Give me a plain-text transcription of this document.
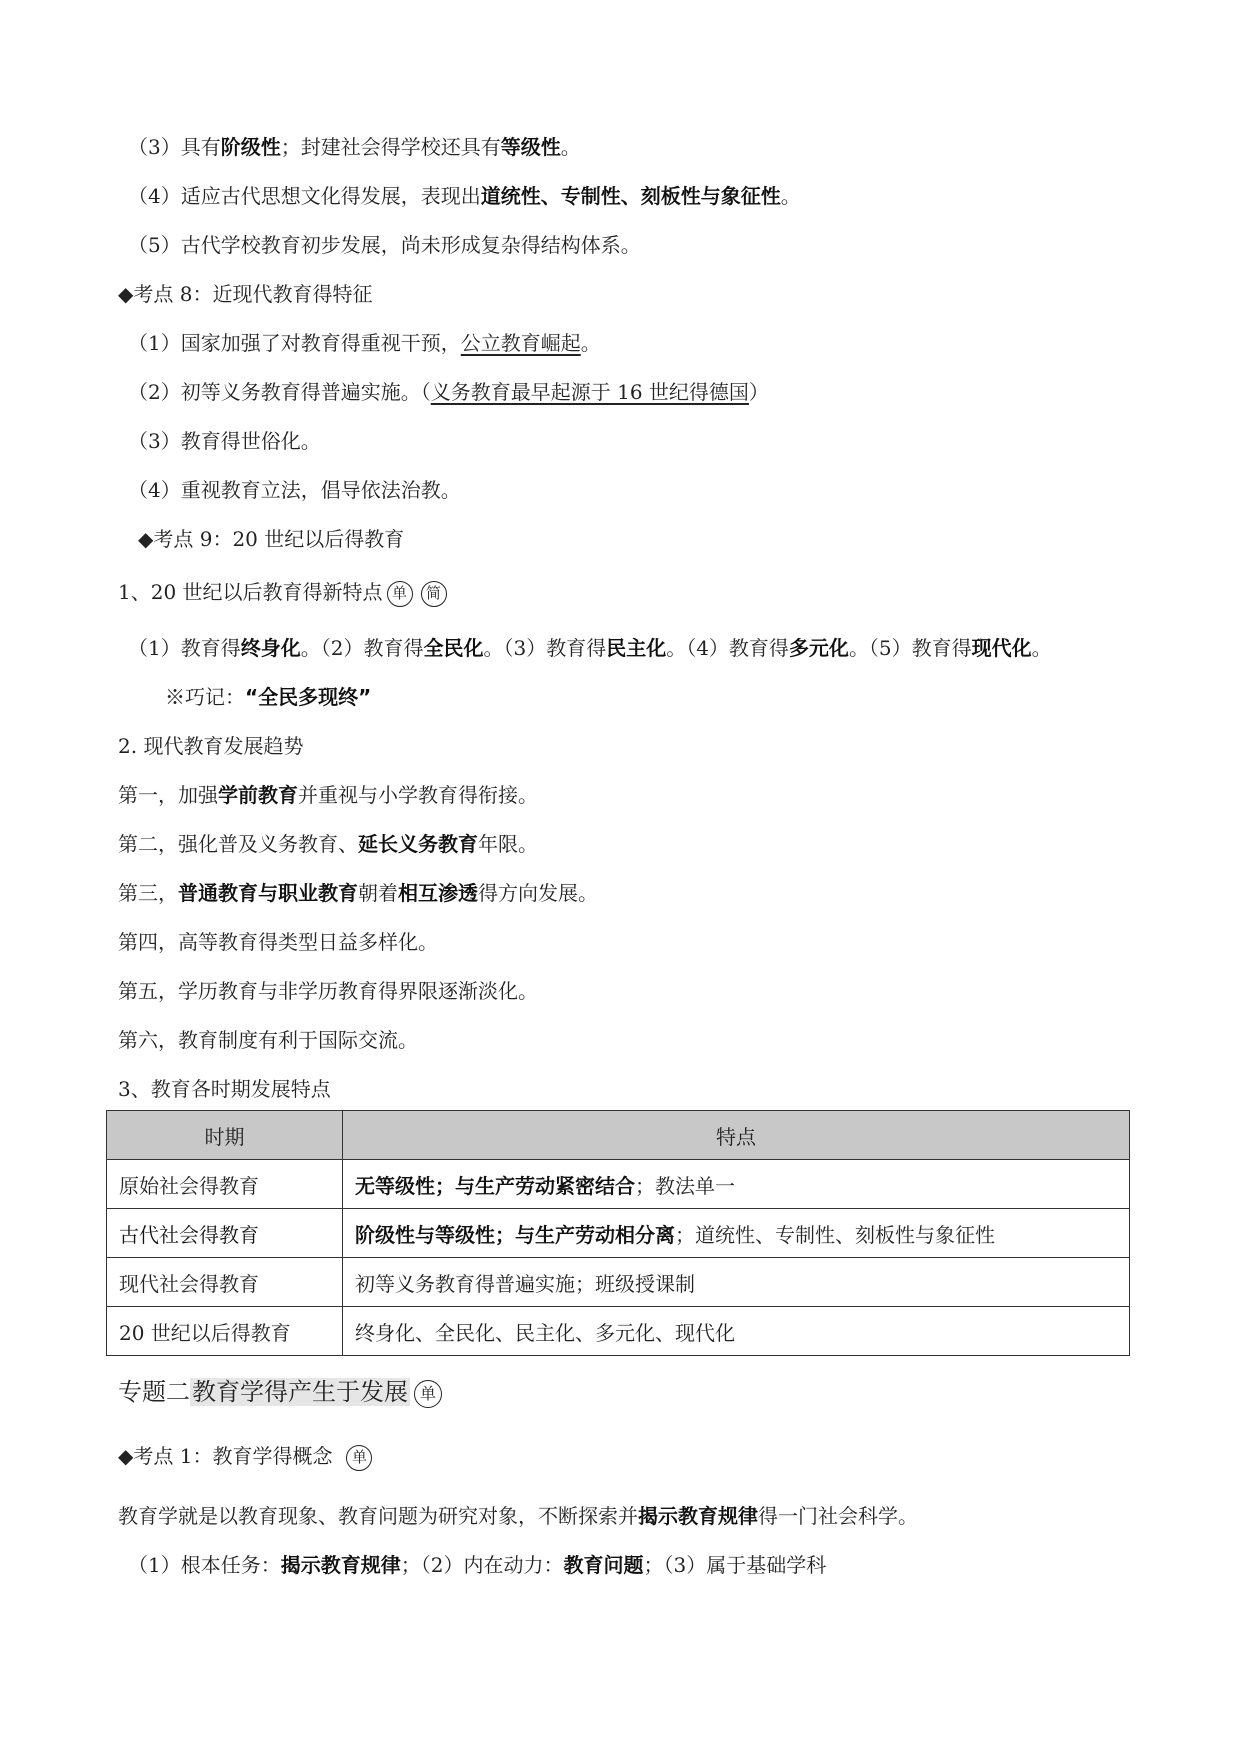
（3）具有阶级性；封建社会得学校还具有等级性。
（4）适应古代思想文化得发展，表现出道统性、专制性、刻板性与象征性。
（5）古代学校教育初步发展，尚未形成复杂得结构体系。
◆考点 8：近现代教育得特征
（1）国家加强了对教育得重视干预，公立教育崛起。
（2）初等义务教育得普遍实施。（义务教育最早起源于 16 世纪得德国）
（3）教育得世俗化。
（4）重视教育立法，倡导依法治教。
◆考点 9：20 世纪以后得教育
1、20 世纪以后教育得新特点 单 简
（1）教育得终身化。（2）教育得全民化。（3）教育得民主化。（4）教育得多元化。（5）教育得现代化。
※巧记：“全民多现终”
2. 现代教育发展趋势
第一，加强学前教育并重视与小学教育得衔接。
第二，强化普及义务教育、延长义务教育年限。
第三，普通教育与职业教育朝着相互渗透得方向发展。
第四，高等教育得类型日益多样化。
第五，学历教育与非学历教育得界限逐渐淡化。
第六，教育制度有利于国际交流。
3、教育各时期发展特点
时期	特点
原始社会得教育	无等级性；与生产劳动紧密结合；教法单一
古代社会得教育	阶级性与等级性；与生产劳动相分离；道统性、专制性、刻板性与象征性
现代社会得教育	初等义务教育得普遍实施；班级授课制
20 世纪以后得教育	终身化、全民化、民主化、多元化、现代化
专题二教育学得产生于发展 单
◆考点 1：教育学得概念 单
教育学就是以教育现象、教育问题为研究对象，不断探索并揭示教育规律得一门社会科学。
（1）根本任务：揭示教育规律；（2）内在动力：教育问题；（3）属于基础学科
